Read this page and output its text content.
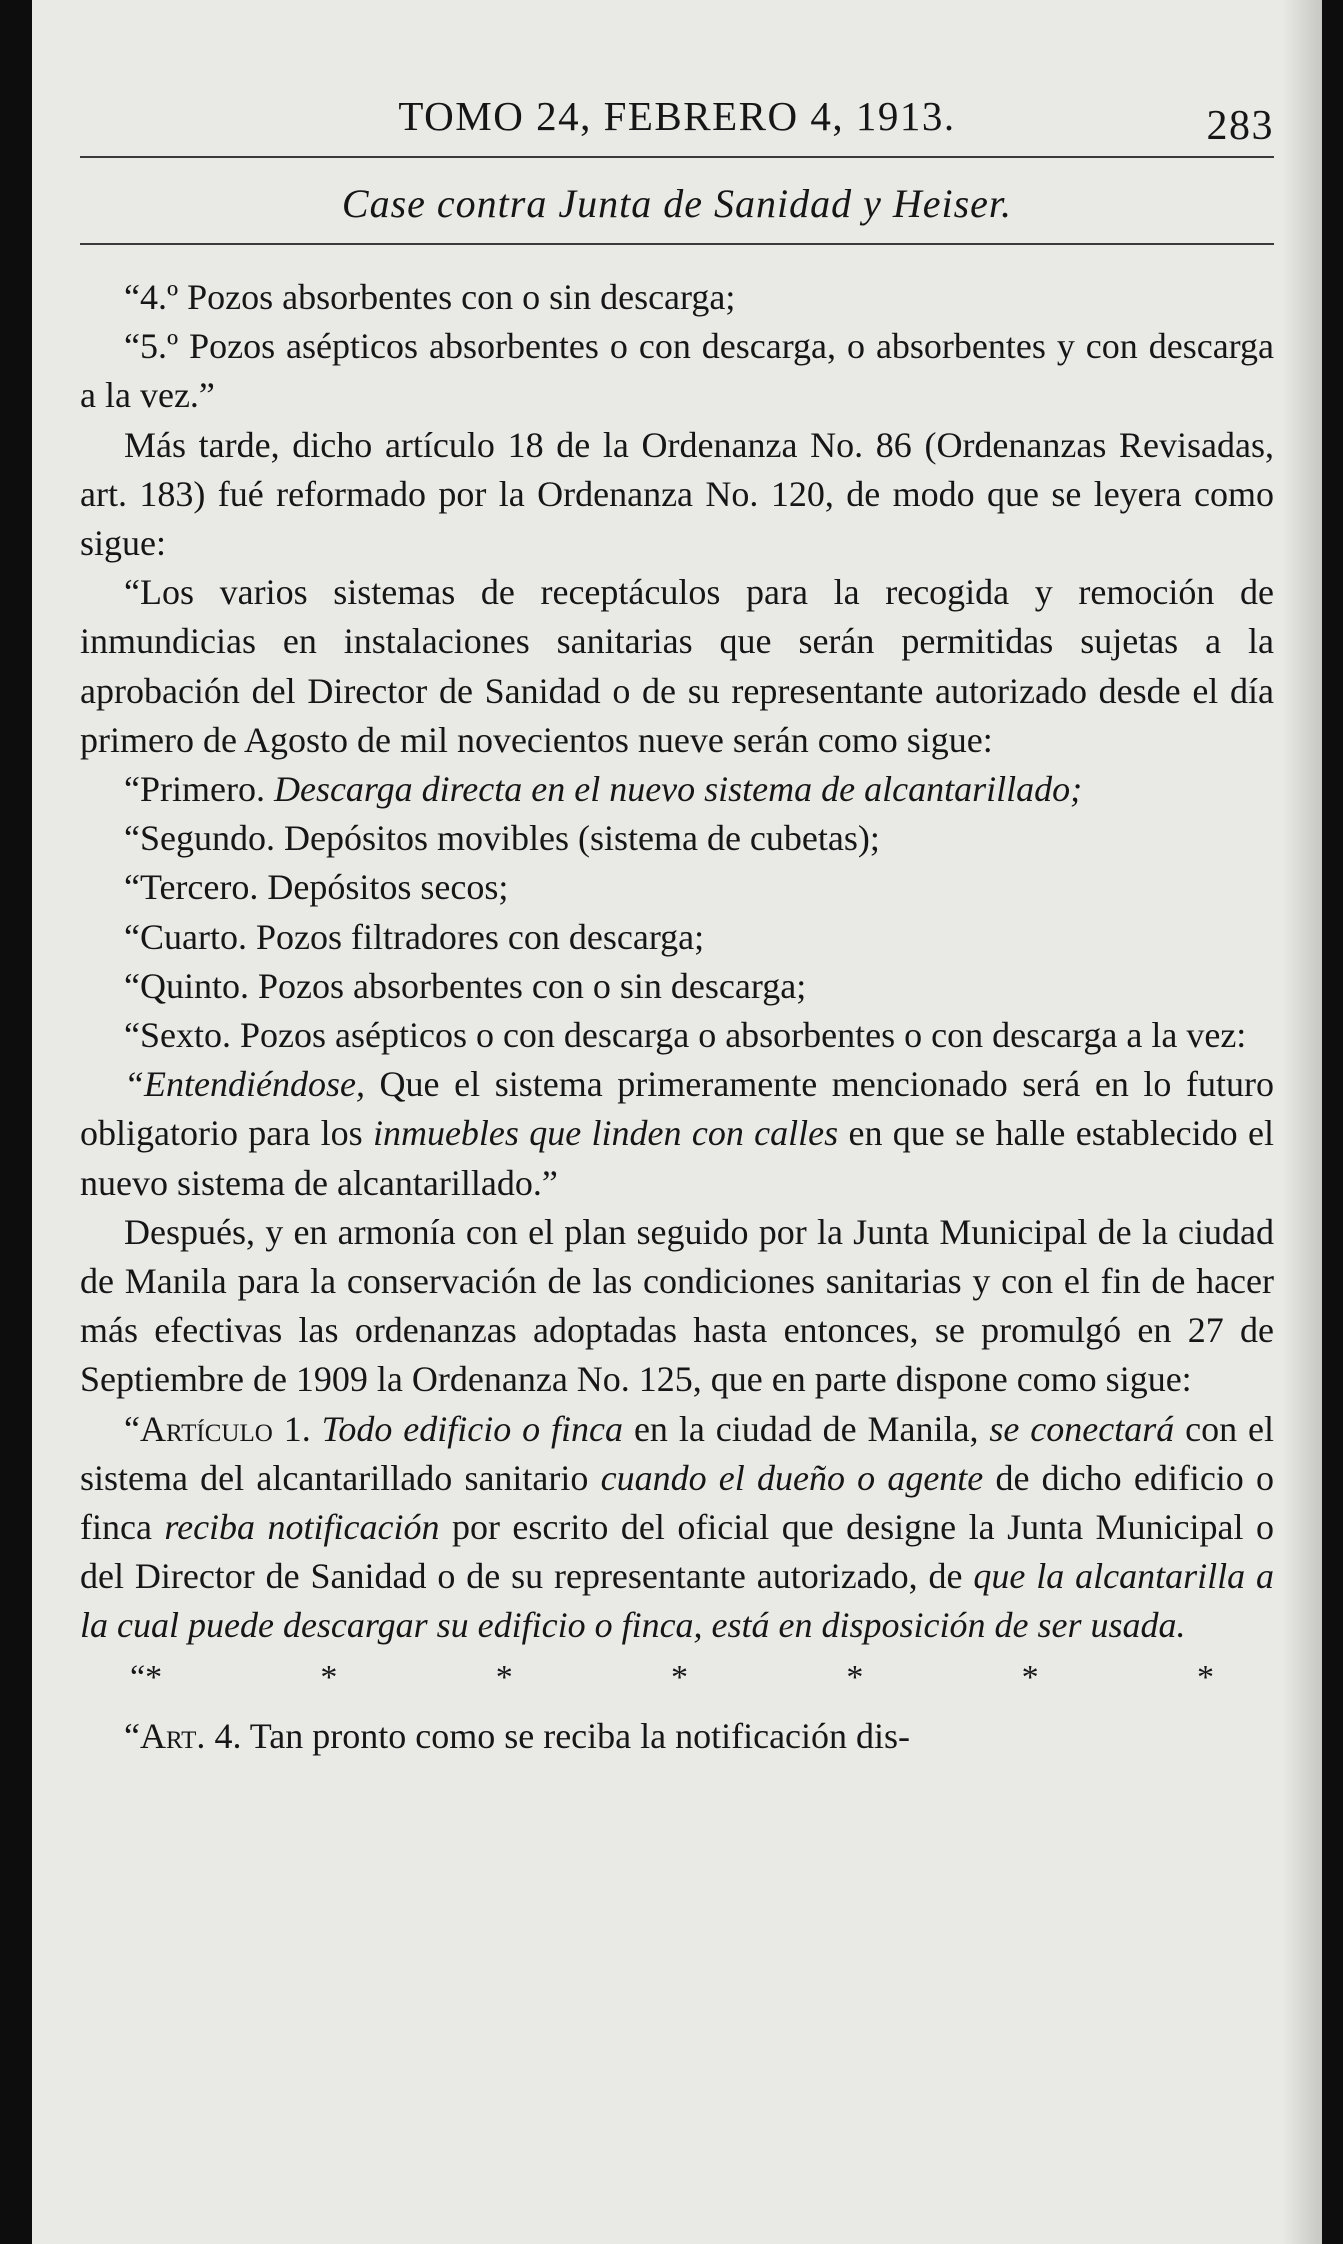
TOMO 24, FEBRERO 4, 1913.	283
Case contra Junta de Sanidad y Heiser.

“4.º Pozos absorbentes con o sin descarga;

“5.º Pozos asépticos absorbentes o con descarga, o absorbentes y con descarga a la vez.”

Más tarde, dicho artículo 18 de la Ordenanza No. 86 (Ordenanzas Revisadas, art. 183) fué reformado por la Ordenanza No. 120, de modo que se leyera como sigue:

“Los varios sistemas de receptáculos para la recogida y remoción de inmundicias en instalaciones sanitarias que serán permitidas sujetas a la aprobación del Director de Sanidad o de su representante autorizado desde el día primero de Agosto de mil novecientos nueve serán como sigue:

“Primero. Descarga directa en el nuevo sistema de alcantarillado;

“Segundo. Depósitos movibles (sistema de cubetas);

“Tercero. Depósitos secos;

“Cuarto. Pozos filtradores con descarga;

“Quinto. Pozos absorbentes con o sin descarga;

“Sexto. Pozos asépticos o con descarga o absorbentes o con descarga a la vez:

“Entendiéndose, Que el sistema primeramente mencionado será en lo futuro obligatorio para los inmuebles que linden con calles en que se halle establecido el nuevo sistema de alcantarillado.”

Después, y en armonía con el plan seguido por la Junta Municipal de la ciudad de Manila para la conservación de las condiciones sanitarias y con el fin de hacer más efectivas las ordenanzas adoptadas hasta entonces, se promulgó en 27 de Septiembre de 1909 la Ordenanza No. 125, que en parte dispone como sigue:

“Artículo 1. Todo edificio o finca en la ciudad de Manila, se conectará con el sistema del alcantarillado sanitario cuando el dueño o agente de dicho edificio o finca reciba notificación por escrito del oficial que designe la Junta Municipal o del Director de Sanidad o de su representante autorizado, de que la alcantarilla a la cual puede descargar su edificio o finca, está en disposición de ser usada.

“*	*	*	*	*	*	*

“Art. 4. Tan pronto como se reciba la notificación dis-
